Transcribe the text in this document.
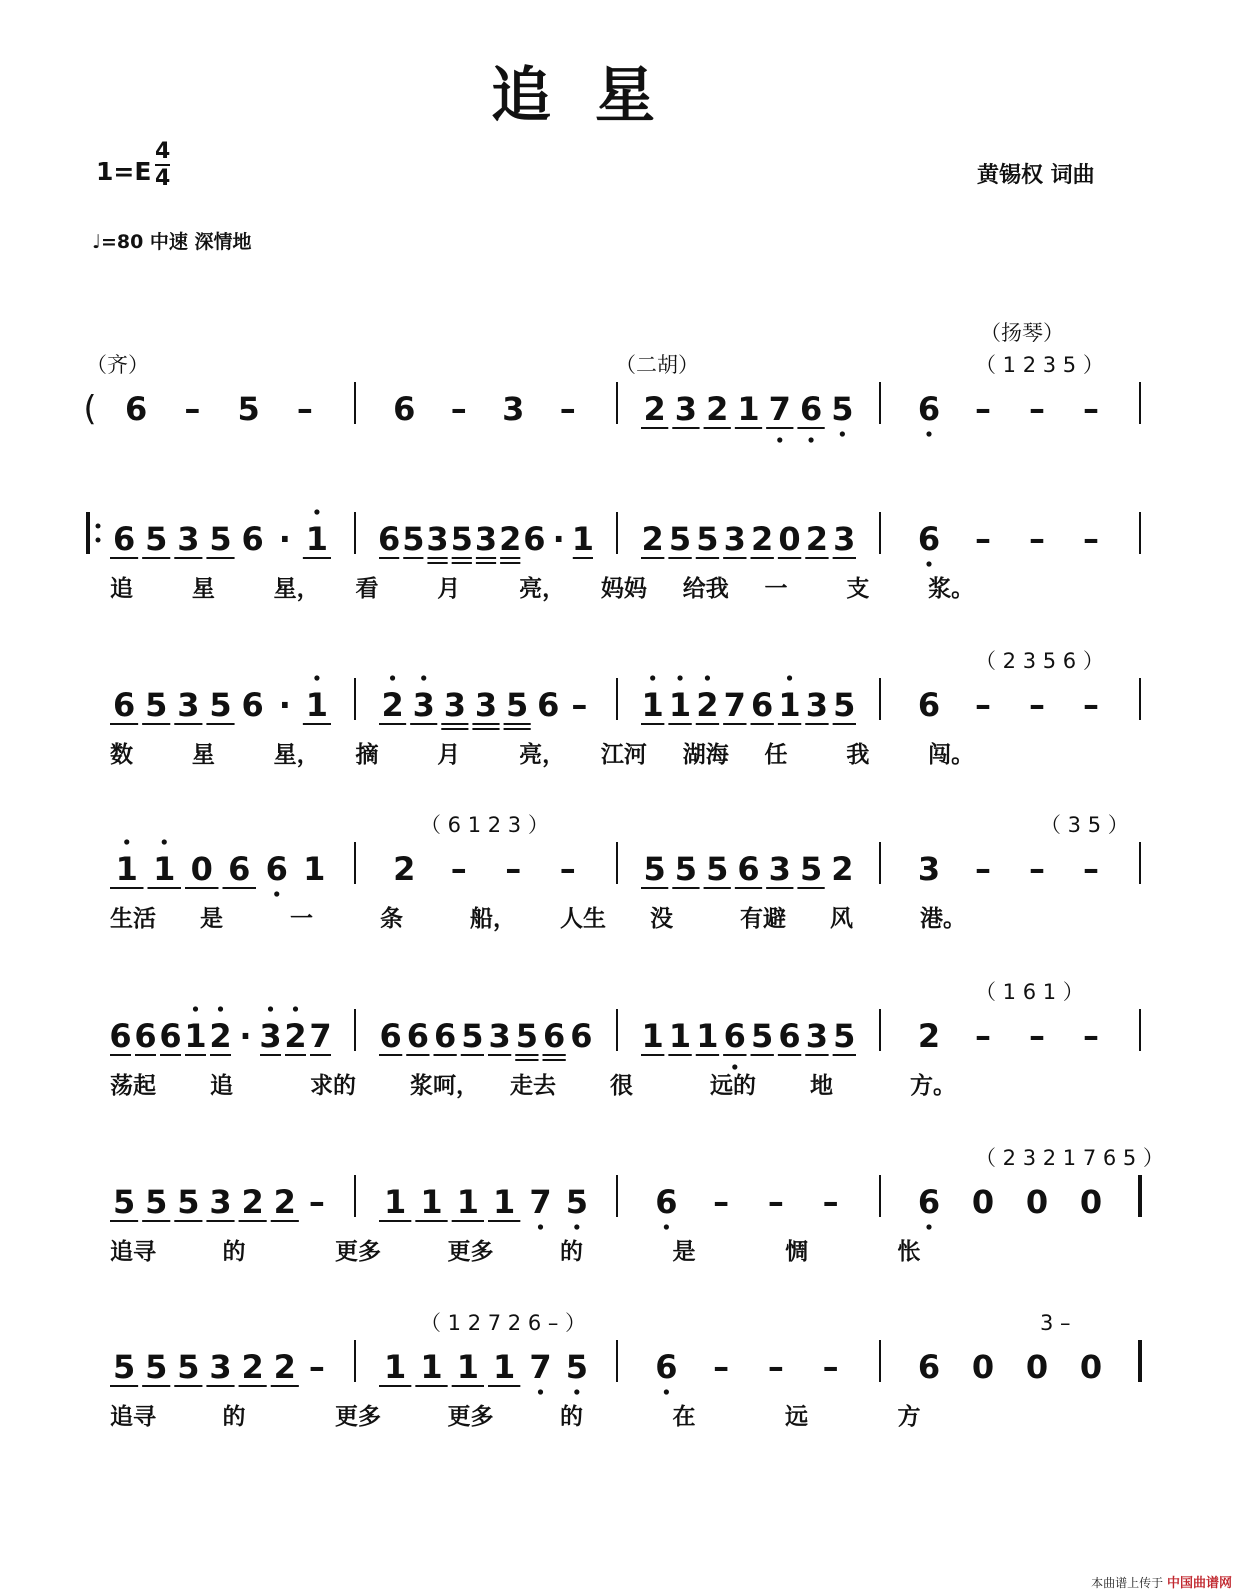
追星
1=E
4
4	黄锡权 词曲
♩=80 中速 深情地
( 6 – 5 –	6 – 3 – 2 3 2 1 7 6 5 6 – – –
（扬琴）
（齐）	（二胡）	（ 1 2 3 5 ）
6 5 3 5 6 · 1 6 5 3 5 3 2 6 · 1 2 5 5 3 2 0 2 3 6 – – –
追	星	星， 看	月	亮， 妈妈 给我 一	支	浆。
6 5 3 5 6 · 1 2 3 3 3 5 6 – 1 1 2 7 6 1 3 5 6 – – –
数	星	星， 摘	月	亮， 江河 湖海 任	我	闯。
（ 2 3 5 6 ）
1 1 0 6 6 1 2 – – – 5 5 5 6 3 5 2 3 – – –
生活 是	一	条	船， 人生 没	有避 风	港。
（ 6 1 2 3 ）	（ 3 5 ）
6 6 6 1 2 · 3 2 7 6 6 6 5 3 5 6 6 1 1 1 6 5 6 3 5 2 – – –
荡起 追	求的 浆呵， 走去 很	远的 地	方。
（ 1 6 1 ）
5 5 5 3 2 2 – 1 1 1 1 7 5 6 – – – 6 0 0 0
追寻	的	更多	更多	的	是	惆	怅
（ 2 3 2 1 7 6 5 ）
5 5 5 3 2 2 – 1 1 1 1 7 5 6 – – – 6 0 0 0
追寻	的	更多	更多	的	在	远	方
（ 1 2 7 2 6 – ）	3 –
本曲谱上传于 中国曲谱网
